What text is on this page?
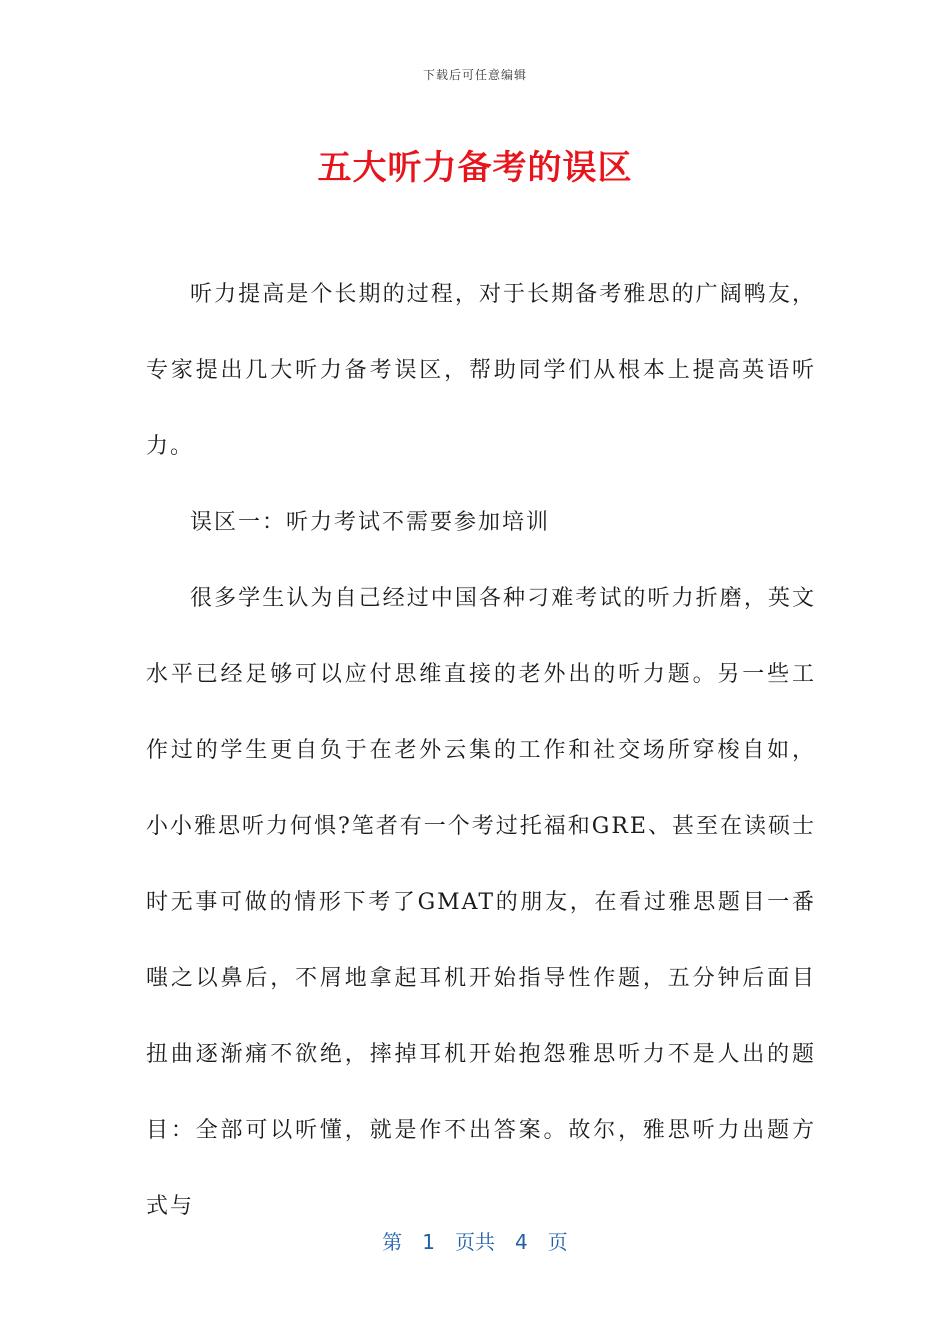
下载后可任意编辑
五大听力备考的误区

听力提高是个长期的过程，对于长期备考雅思的广阔鸭友，专家提出几大听力备考误区，帮助同学们从根本上提高英语听力。

误区一：听力考试不需要参加培训

很多学生认为自己经过中国各种刁难考试的听力折磨，英文水平已经足够可以应付思维直接的老外出的听力题。另一些工作过的学生更自负于在老外云集的工作和社交场所穿梭自如，小小雅思听力何惧?笔者有一个考过托福和GRE、甚至在读硕士时无事可做的情形下考了GMAT的朋友，在看过雅思题目一番嗤之以鼻后，不屑地拿起耳机开始指导性作题，五分钟后面目扭曲逐渐痛不欲绝，摔掉耳机开始抱怨雅思听力不是人出的题目：全部可以听懂，就是作不出答案。故尔，雅思听力出题方式与

第 1 页共 4 页
